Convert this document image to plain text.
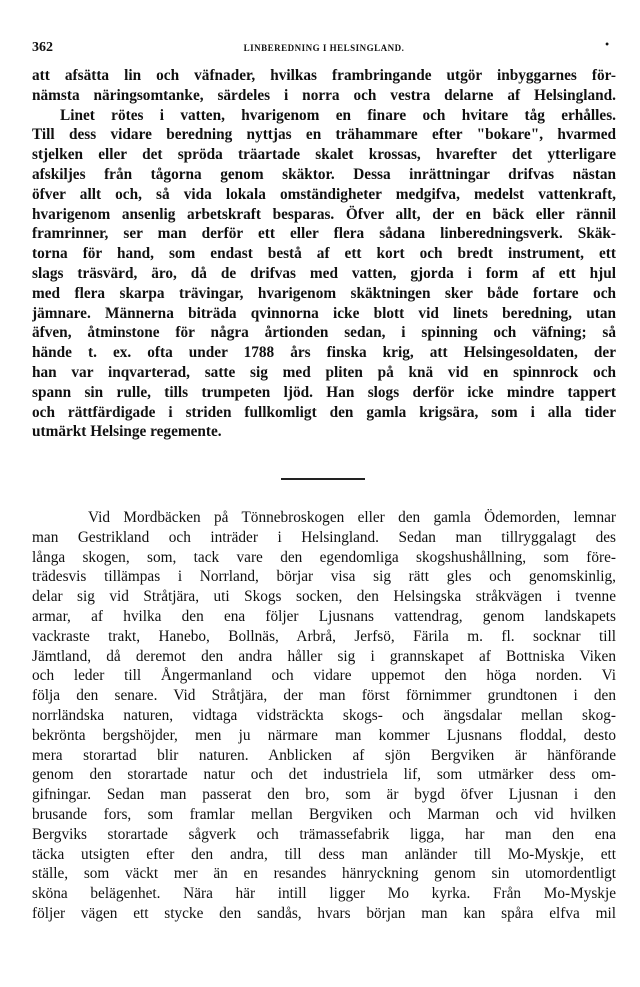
362	LINBEREDNING I HELSINGLAND.	•
att afsätta lin och väfnader, hvilkas frambringande utgör inbyggarnes för-
nämsta näringsomtanke, särdeles i norra och vestra delarne af Helsingland.
Linet rötes i vatten, hvarigenom en finare och hvitare tåg erhålles.
Till dess vidare beredning nyttjas en trähammare efter "bokare", hvarmed
stjelken eller det spröda träartade skalet krossas, hvarefter det ytterligare
afskiljes från tågorna genom skäktor. Dessa inrättningar drifvas nästan
öfver allt och, så vida lokala omständigheter medgifva, medelst vattenkraft,
hvarigenom ansenlig arbetskraft besparas. Öfver allt, der en bäck eller rännil
framrinner, ser man derför ett eller flera sådana linberedningsverk. Skäk-
torna för hand, som endast bestå af ett kort och bredt instrument, ett
slags träsvärd, äro, då de drifvas med vatten, gjorda i form af ett hjul
med flera skarpa trävingar, hvarigenom skäktningen sker både fortare och
jämnare. Männerna biträda qvinnorna icke blott vid linets beredning, utan
äfven, åtminstone för några årtionden sedan, i spinning och väfning; så
hände t. ex. ofta under 1788 års finska krig, att Helsingesoldaten, der
han var inqvarterad, satte sig med pliten på knä vid en spinnrock och
spann sin rulle, tills trumpeten ljöd. Han slogs derför icke mindre tappert
och rättfärdigade i striden fullkomligt den gamla krigsära, som i alla tider
utmärkt Helsinge regemente.
Vid Mordbäcken på Tönnebroskogen eller den gamla Ödemorden, lemnar
man Gestrikland och inträder i Helsingland. Sedan man tillryggalagt des
långa skogen, som, tack vare den egendomliga skogshushållning, som före-
trädesvis tillämpas i Norrland, börjar visa sig rätt gles och genomskinlig,
delar sig vid Stråtjära, uti Skogs socken, den Helsingska stråkvägen i tvenne
armar, af hvilka den ena följer Ljusnans vattendrag, genom landskapets
vackraste trakt, Hanebo, Bollnäs, Arbrå, Jerfsö, Färila m. fl. socknar till
Jämtland, då deremot den andra håller sig i grannskapet af Bottniska Viken
och leder till Ångermanland och vidare uppemot den höga norden. Vi
följa den senare. Vid Stråtjära, der man först förnimmer grundtonen i den
norrländska naturen, vidtaga vidsträckta skogs- och ängsdalar mellan skog-
bekrönta bergshöjder, men ju närmare man kommer Ljusnans floddal, desto
mera storartad blir naturen. Anblicken af sjön Bergviken är hänförande
genom den storartade natur och det industriela lif, som utmärker dess om-
gifningar. Sedan man passerat den bro, som är bygd öfver Ljusnan i den
brusande fors, som framlar mellan Bergviken och Marman och vid hvilken
Bergviks storartade sågverk och trämassefabrik ligga, har man den ena
täcka utsigten efter den andra, till dess man anländer till Mo-Myskje, ett
ställe, som väckt mer än en resandes hänryckning genom sin utomordentligt
sköna belägenhet. Nära här intill ligger Mo kyrka. Från Mo-Myskje
följer vägen ett stycke den sandås, hvars början man kan spåra elfva mil
